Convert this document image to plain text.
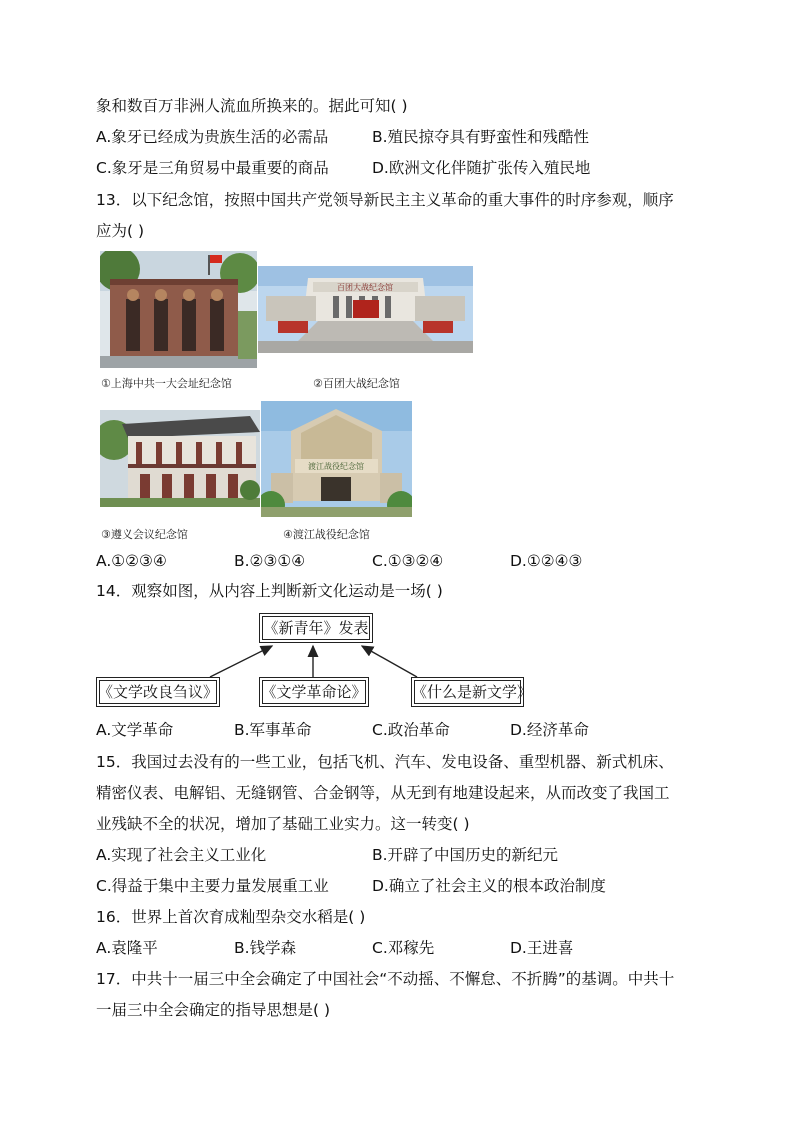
象和数百万非洲人流血所换来的。据此可知( )
A.象牙已经成为贵族生活的必需品	B.殖民掠夺具有野蛮性和残酷性
C.象牙是三角贸易中最重要的商品	D.欧洲文化伴随扩张传入殖民地
13．以下纪念馆，按照中国共产党领导新民主主义革命的重大事件的时序参观，顺序
应为( )
百团大战纪念馆
①上海中共一大会址纪念馆	②百团大战纪念馆
渡江战役纪念馆
③遵义会议纪念馆	④渡江战役纪念馆
A.①②③④	B.②③①④	C.①③②④	D.①②④③
14．观察如图，从内容上判断新文化运动是一场( )
《新青年》发表
《文学改良刍议》	《文学革命论》	《什么是新文学》
A.文学革命	B.军事革命	C.政治革命	D.经济革命
15．我国过去没有的一些工业，包括飞机、汽车、发电设备、重型机器、新式机床、
精密仪表、电解铝、无缝钢管、合金钢等，从无到有地建设起来，从而改变了我国工
业残缺不全的状况，增加了基础工业实力。这一转变( )
A.实现了社会主义工业化	B.开辟了中国历史的新纪元
C.得益于集中主要力量发展重工业	D.确立了社会主义的根本政治制度
16．世界上首次育成籼型杂交水稻是( )
A.袁隆平	B.钱学森	C.邓稼先	D.王进喜
17．中共十一届三中全会确定了中国社会“不动摇、不懈怠、不折腾”的基调。中共十
一届三中全会确定的指导思想是( )
